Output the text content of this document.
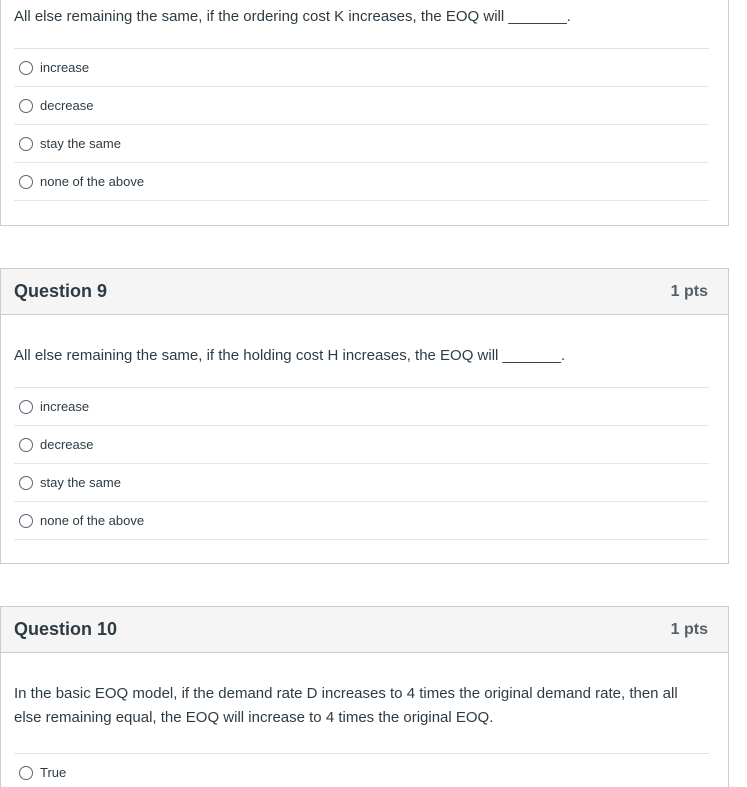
All else remaining the same, if the ordering cost K increases, the EOQ will _______.
increase
decrease
stay the same
none of the above
Question 9	1 pts
All else remaining the same, if the holding cost H increases, the EOQ will _______.
increase
decrease
stay the same
none of the above
Question 10	1 pts
In the basic EOQ model, if the demand rate D increases to 4 times the original demand rate, then all else remaining equal, the EOQ will increase to 4 times the original EOQ.
True
